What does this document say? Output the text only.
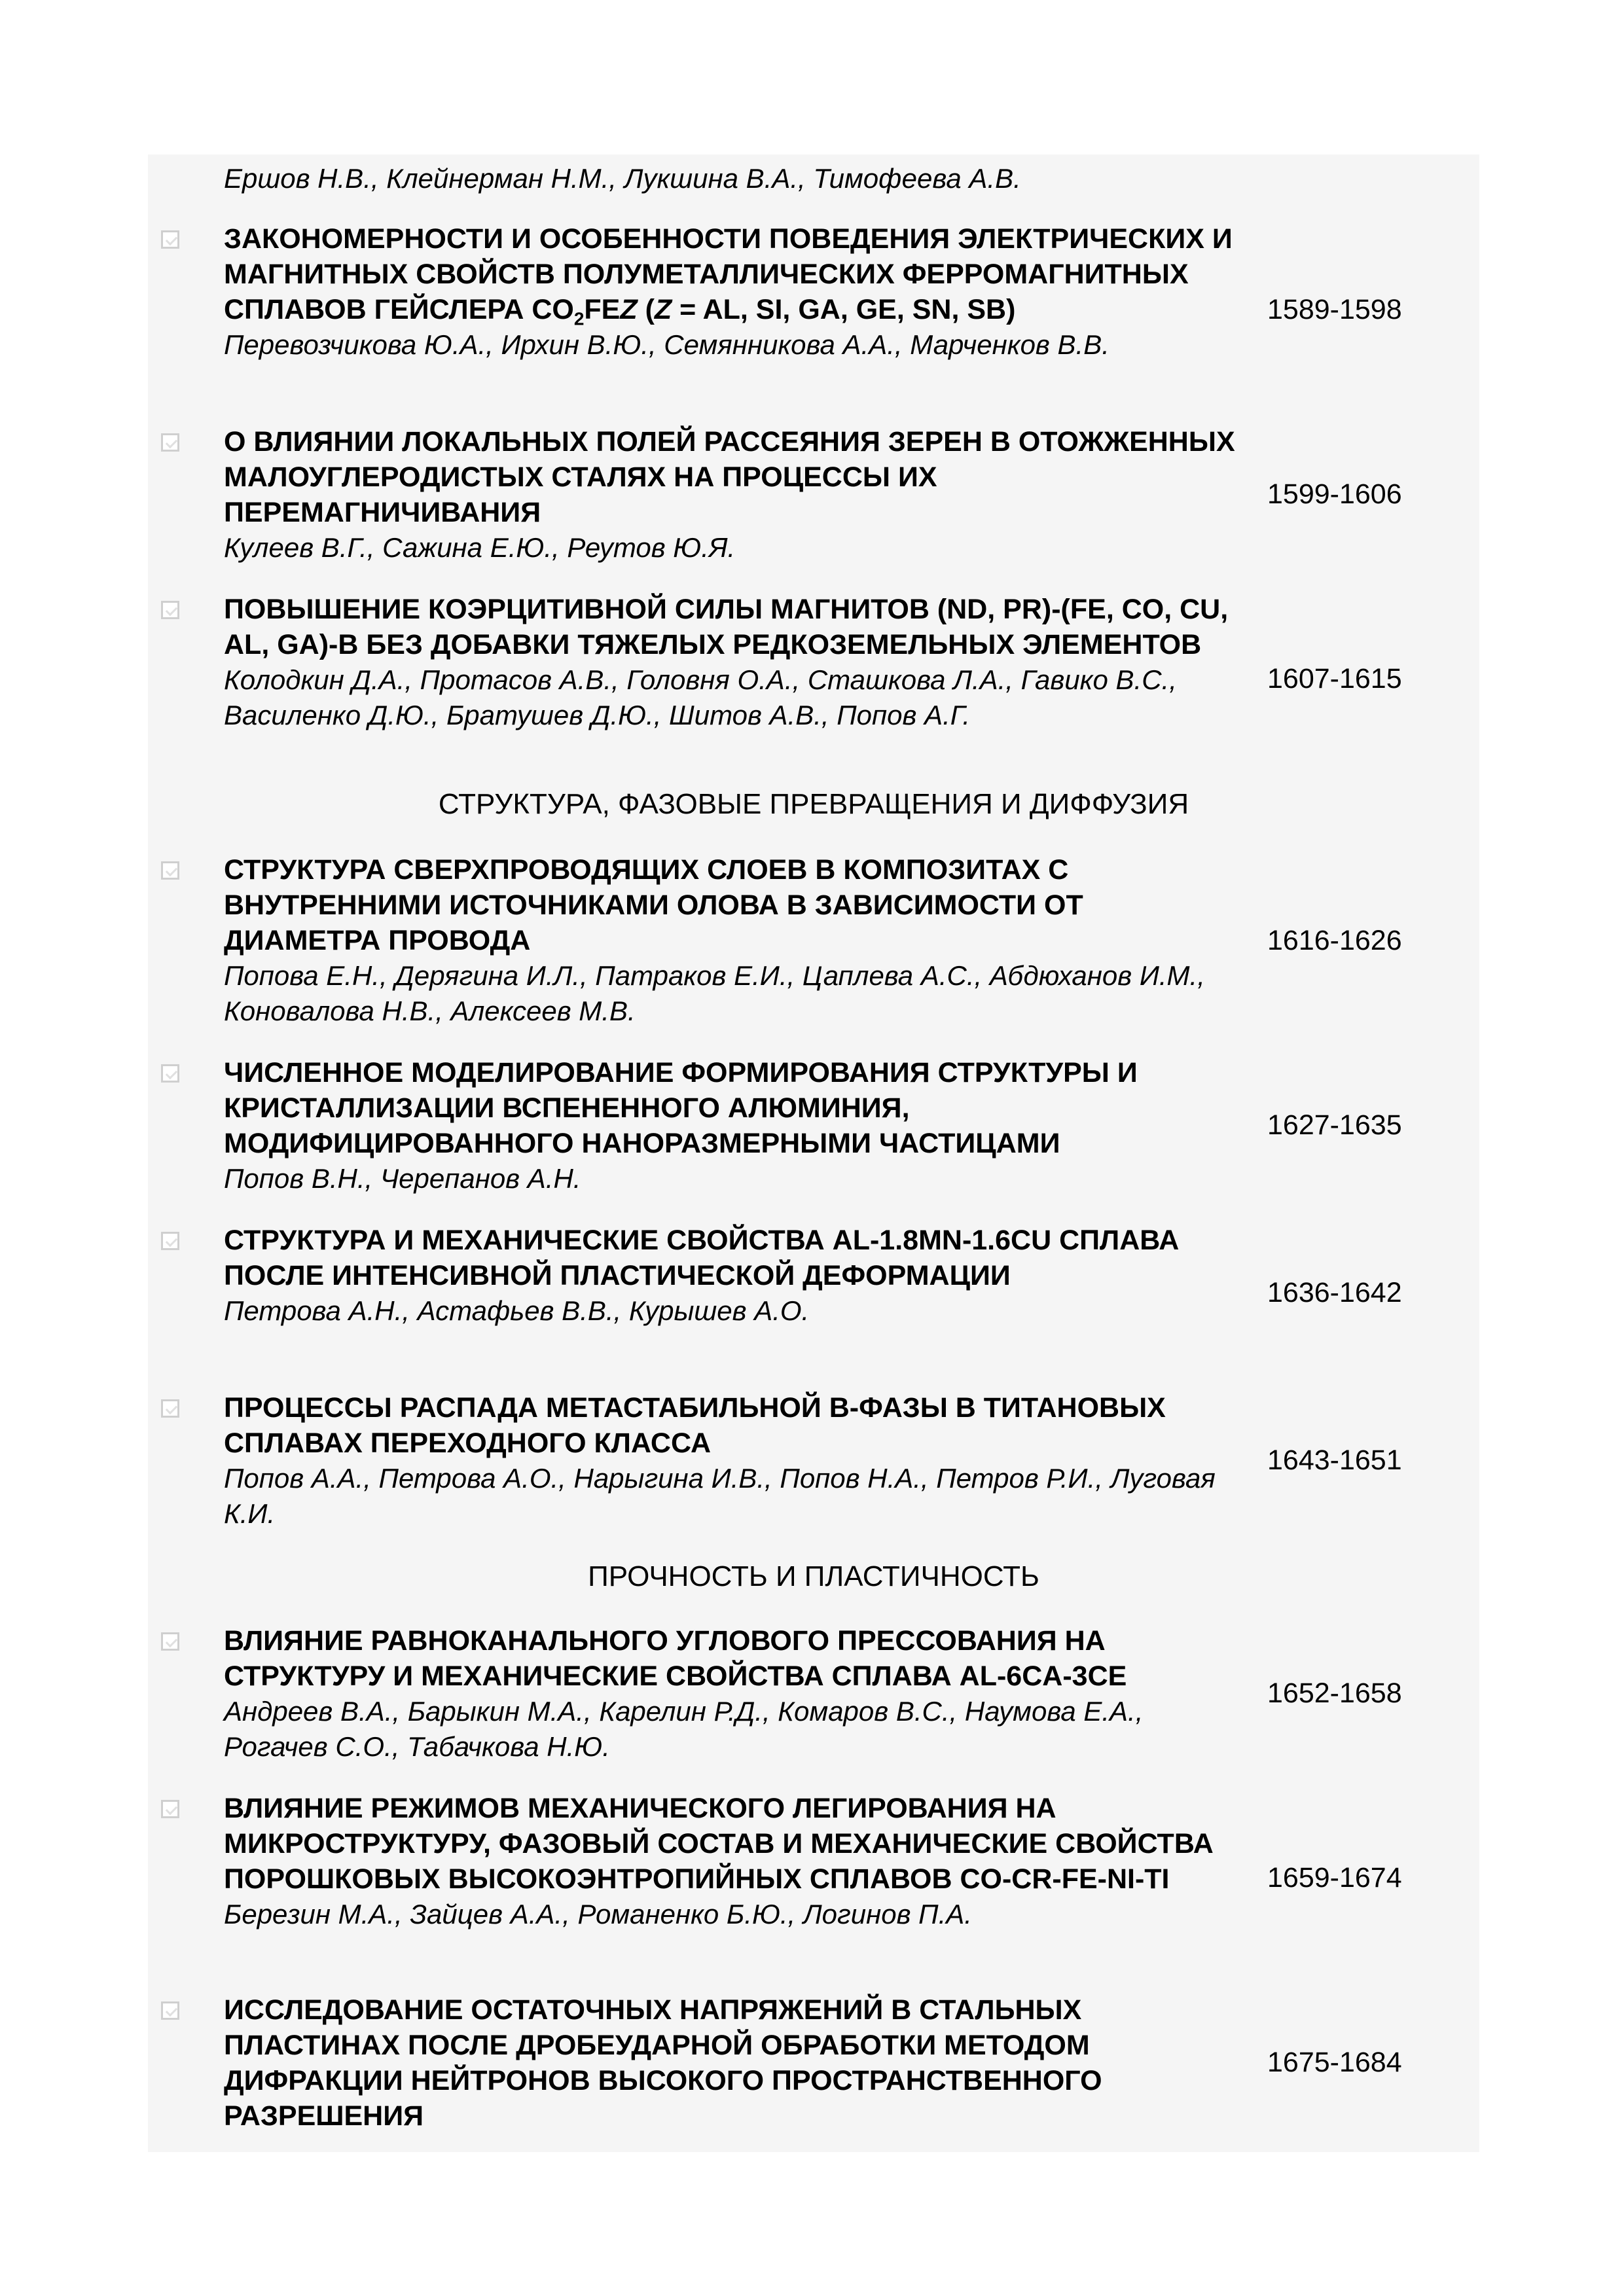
Ершов Н.В., Клейнерман Н.М., Лукшина В.А., Тимофеева А.В.

ЗАКОНОМЕРНОСТИ И ОСОБЕННОСТИ ПОВЕДЕНИЯ ЭЛЕКТРИЧЕСКИХ И МАГНИТНЫХ СВОЙСТВ ПОЛУМЕТАЛЛИЧЕСКИХ ФЕРРОМАГНИТНЫХ СПЛАВОВ ГЕЙСЛЕРА $CO_2FEZ$ (Z = AL, SI, GA, GE, SN, SB)

Перевозчикова Ю.А., Ирхин В.Ю., Семянникова А.А., Марченков В.В.

1589-1598

О ВЛИЯНИИ ЛОКАЛЬНЫХ ПОЛЕЙ РАССЕЯНИЯ ЗЕРЕН В ОТОЖЖЕННЫХ МАЛОУГЛЕРОДИСТЫХ СТАЛЯХ НА ПРОЦЕССЫ ИХ ПЕРЕМАГНИЧИВАНИЯ

Кулеев В.Г., Сажина Е.Ю., Реутов Ю.Я.

1599-1606

ПОВЫШЕНИЕ КОЭРЦИТИВНОЙ СИЛЫ МАГНИТОВ (ND, PR)-(FE, CO, CU, AL, GA)-B БЕЗ ДОБАВКИ ТЯЖЕЛЫХ РЕДКОЗЕМЕЛЬНЫХ ЭЛЕМЕНТОВ

Колодкин Д.А., Протасов А.В., Головня О.А., Сташкова Л.А., Гавико В.С., Василенко Д.Ю., Братушев Д.Ю., Шитов А.В., Попов А.Г.

1607-1615
СТРУКТУРА, ФАЗОВЫЕ ПРЕВРАЩЕНИЯ И ДИФФУЗИЯ

СТРУКТУРА СВЕРХПРОВОДЯЩИХ СЛОЕВ В КОМПОЗИТАХ С ВНУТРЕННИМИ ИСТОЧНИКАМИ ОЛОВА В ЗАВИСИМОСТИ ОТ ДИАМЕТРА ПРОВОДА

Попова Е.Н., Дерягина И.Л., Патраков Е.И., Цаплева А.С., Абдюханов И.М., Коновалова Н.В., Алексеев М.В.

1616-1626

ЧИСЛЕННОЕ МОДЕЛИРОВАНИЕ ФОРМИРОВАНИЯ СТРУКТУРЫ И КРИСТАЛЛИЗАЦИИ ВСПЕНЕННОГО АЛЮМИНИЯ, МОДИФИЦИРОВАННОГО НАНОРАЗМЕРНЫМИ ЧАСТИЦАМИ

Попов В.Н., Черепанов А.Н.

1627-1635

СТРУКТУРА И МЕХАНИЧЕСКИЕ СВОЙСТВА AL-1.8MN-1.6CU СПЛАВА ПОСЛЕ ИНТЕНСИВНОЙ ПЛАСТИЧЕСКОЙ ДЕФОРМАЦИИ

Петрова А.Н., Астафьев В.В., Курышев А.О.

1636-1642

ПРОЦЕССЫ РАСПАДА МЕТАСТАБИЛЬНОЙ Β-ФАЗЫ В ТИТАНОВЫХ СПЛАВАХ ПЕРЕХОДНОГО КЛАССА

Попов А.А., Петрова А.О., Нарыгина И.В., Попов Н.А., Петров Р.И., Луговая К.И.

1643-1651
ПРОЧНОСТЬ И ПЛАСТИЧНОСТЬ

ВЛИЯНИЕ РАВНОКАНАЛЬНОГО УГЛОВОГО ПРЕССОВАНИЯ НА СТРУКТУРУ И МЕХАНИЧЕСКИЕ СВОЙСТВА СПЛАВА AL-6CA-3CE

Андреев В.А., Барыкин М.А., Карелин Р.Д., Комаров В.С., Наумова Е.А., Рогачев С.О., Табачкова Н.Ю.

1652-1658

ВЛИЯНИЕ РЕЖИМОВ МЕХАНИЧЕСКОГО ЛЕГИРОВАНИЯ НА МИКРОСТРУКТУРУ, ФАЗОВЫЙ СОСТАВ И МЕХАНИЧЕСКИЕ СВОЙСТВА ПОРОШКОВЫХ ВЫСОКОЭНТРОПИЙНЫХ СПЛАВОВ CO-CR-FE-NI-TI

Березин М.А., Зайцев А.А., Романенко Б.Ю., Логинов П.А.

1659-1674

ИССЛЕДОВАНИЕ ОСТАТОЧНЫХ НАПРЯЖЕНИЙ В СТАЛЬНЫХ ПЛАСТИНАХ ПОСЛЕ ДРОБЕУДАРНОЙ ОБРАБОТКИ МЕТОДОМ ДИФРАКЦИИ НЕЙТРОНОВ ВЫСОКОГО ПРОСТРАНСТВЕННОГО РАЗРЕШЕНИЯ

1675-1684
